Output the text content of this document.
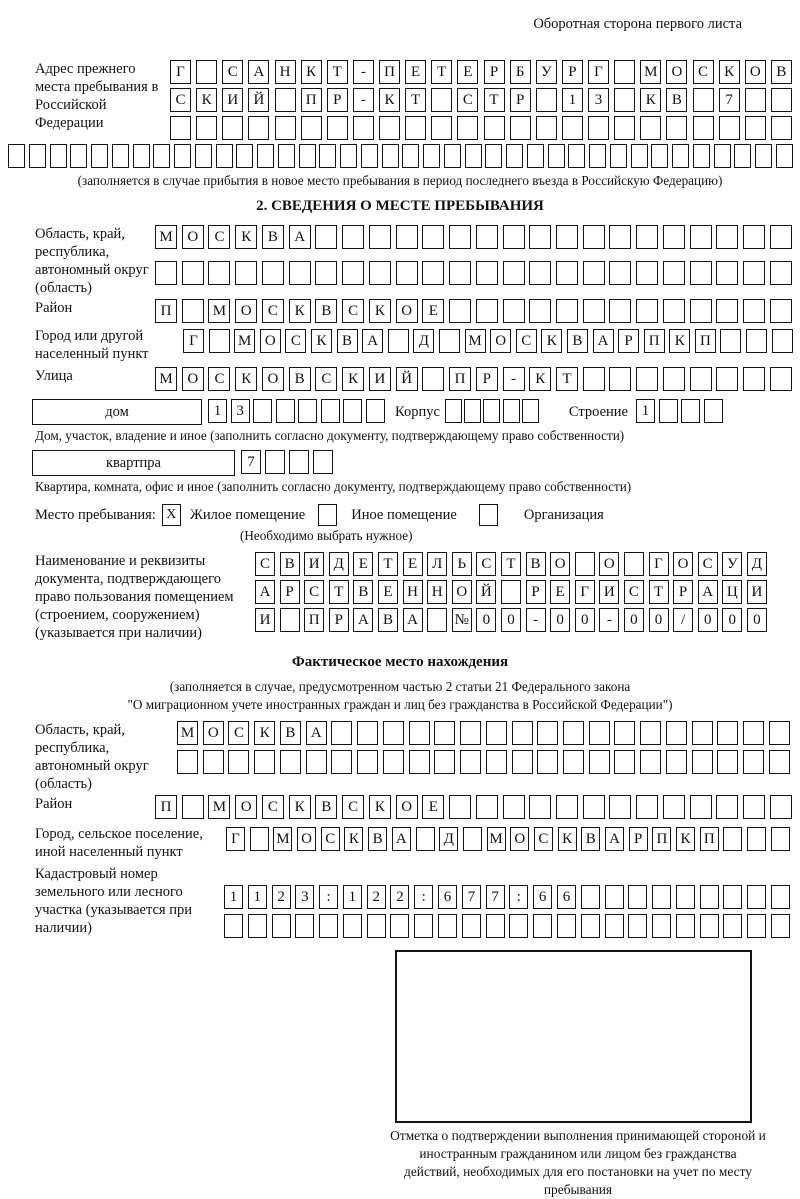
Оборотная сторона первого листа
Адрес прежнего места пребывания в Российской Федерации
Г	С	А	Н	К	Т	-	П	Е	Т	Е	Р	Б	У	Р	Г	М О	С	К	О	В
С	К	И	Й	П	Р	-	К	Т	С	Т	Р	1	3	К	В	7
(заполняется в случае прибытия в новое место пребывания в период последнего въезда в Российскую Федерацию)
2. СВЕДЕНИЯ О МЕСТЕ ПРЕБЫВАНИЯ
Область, край, республика, автономный округ (область)
М О	С	К	В	А
Район	П	М О	С	К	В	С	К	О	Е
Город или другой населенный пункт
Г	М О	С	К	В	А	Д	М О	С	К	В	А	Р	П	К	П
Улица	М О	С	К	О	В	С	К	И	Й	П	Р	-	К	Т
дом	1	3	Корпус	Строение 1
Дом, участок, владение и иное (заполнить согласно документу, подтверждающему право собственности)
квартпра	7
Квартира, комната, офис и иное (заполнить согласно документу, подтверждающему право собственности)
Место пребывания: X Жилое помещение	Иное помещение	Организация
(Необходимо выбрать нужное)
Наименование и реквизиты документа, подтверждающего право пользования помещением (строением, сооружением) (указывается при наличии)
С В И Д Е	Т	Е Л	Ь	С	Т	В О	О	Г О С У Д
А	Р	С	Т	В	Е Н Н О Й	Р	Е	Г И С	Т	Р	А Ц И
И	П	Р	А В А	№ 0	0	-	0	0	-	0	0	/	0	0	0
Фактическое место нахождения
(заполняется в случае, предусмотренном частью 2 статьи 21 Федерального закона
"О миграционном учете иностранных граждан и лиц без гражданства в Российской Федерации")
Область, край, республика, автономный округ (область)
М О	С	К	В	А
Район	П	М О	С	К	В	С	К	О	Е
Город, сельское поселение, иной населенный пункт
Г	М О С К В А Д М О С К В А Р П К П
Кадастровый номер земельного или лесного участка (указывается при наличии)
1	1	2	3	:	1	2	2	:	6	7	7	:	6	6
Отметка о подтверждении выполнения принимающей стороной и иностранным гражданином или лицом без гражданства действий, необходимых для его постановки на учет по месту пребывания
